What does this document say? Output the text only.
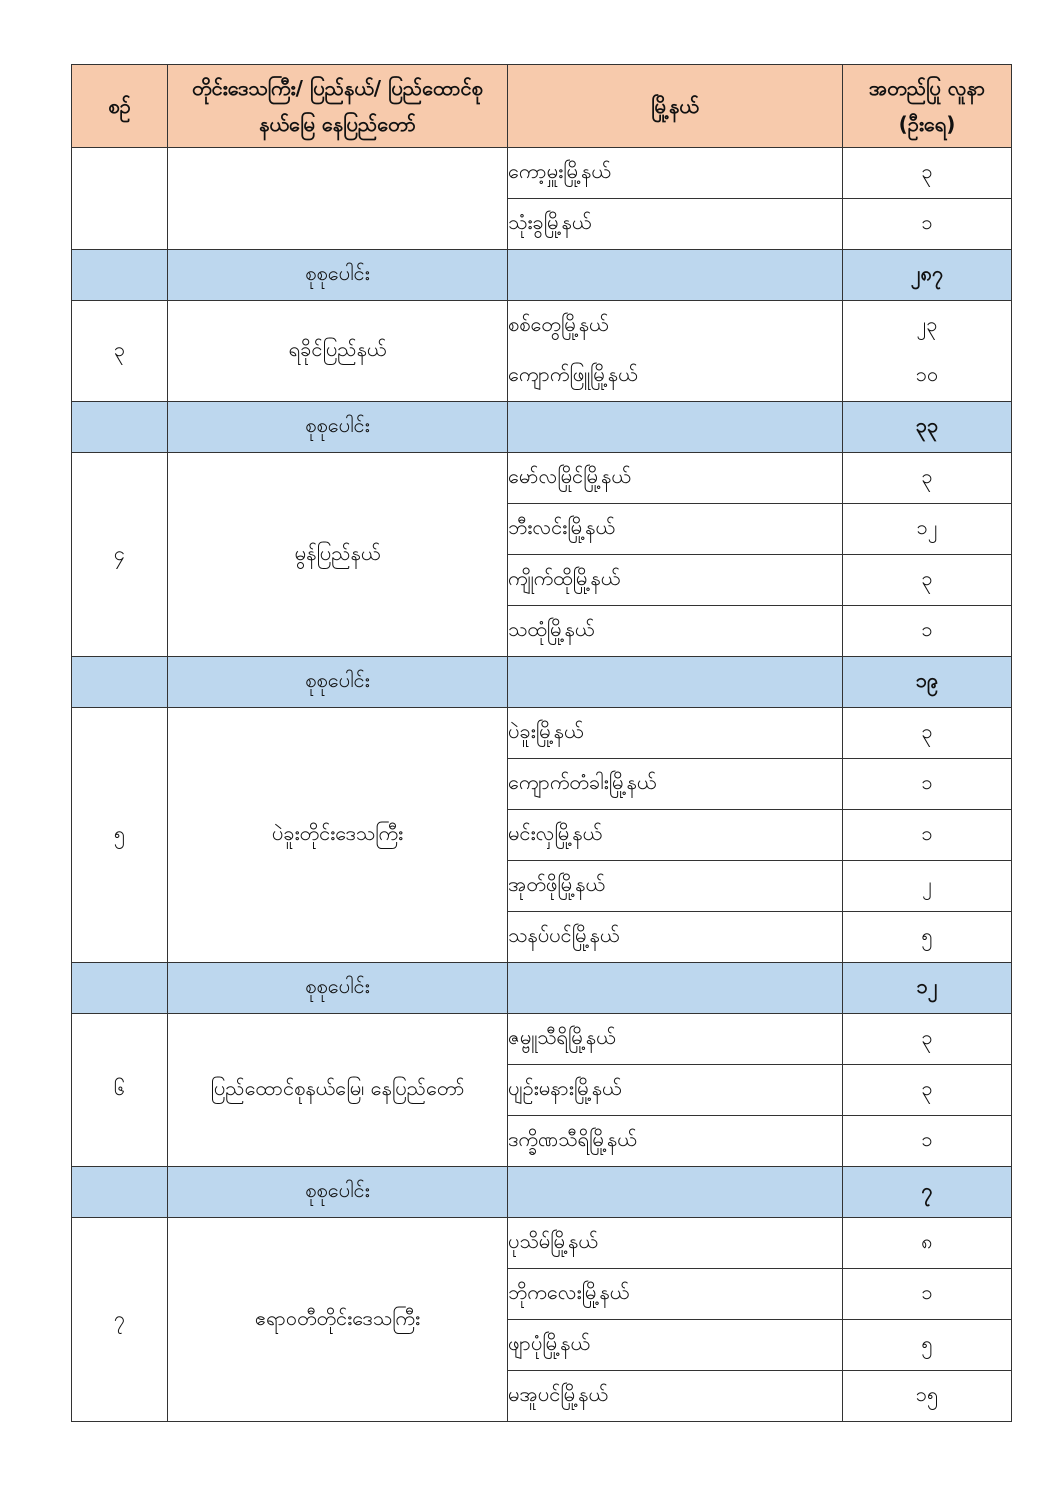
စဉ်	တိုင်းဒေသကြီး/ ပြည်နယ်/ ပြည်ထောင်စုနယ်မြေ နေပြည်တော်	မြို့နယ်	အတည်ပြု လူနာ (ဦးရေ)
		ကော့မှူးမြို့နယ်	၃
		သုံးခွမြို့နယ်	၁
	စုစုပေါင်း		၂၈၇
၃	ရခိုင်ပြည်နယ်	စစ်တွေမြို့နယ်	၂၃
		ကျောက်ဖြူမြို့နယ်	၁၀
	စုစုပေါင်း		၃၃
၄	မွန်ပြည်နယ်	မော်လမြိုင်မြို့နယ်	၃
		ဘီးလင်းမြို့နယ်	၁၂
		ကျိုက်ထိုမြို့နယ်	၃
		သထုံမြို့နယ်	၁
	စုစုပေါင်း		၁၉
၅	ပဲခူးတိုင်းဒေသကြီး	ပဲခူးမြို့နယ်	၃
		ကျောက်တံခါးမြို့နယ်	၁
		မင်းလှမြို့နယ်	၁
		အုတ်ဖိုမြို့နယ်	၂
		သနပ်ပင်မြို့နယ်	၅
	စုစုပေါင်း		၁၂
၆	ပြည်ထောင်စုနယ်မြေ၊ နေပြည်တော်	ဇမ္ဗူသီရိမြို့နယ်	၃
		ပျဉ်းမနားမြို့နယ်	၃
		ဒက္ခိဏသီရိမြို့နယ်	၁
	စုစုပေါင်း		၇
၇	ဧရာဝတီတိုင်းဒေသကြီး	ပုသိမ်မြို့နယ်	၈
		ဘိုကလေးမြို့နယ်	၁
		ဖျာပုံမြို့နယ်	၅
		မအူပင်မြို့နယ်	၁၅
